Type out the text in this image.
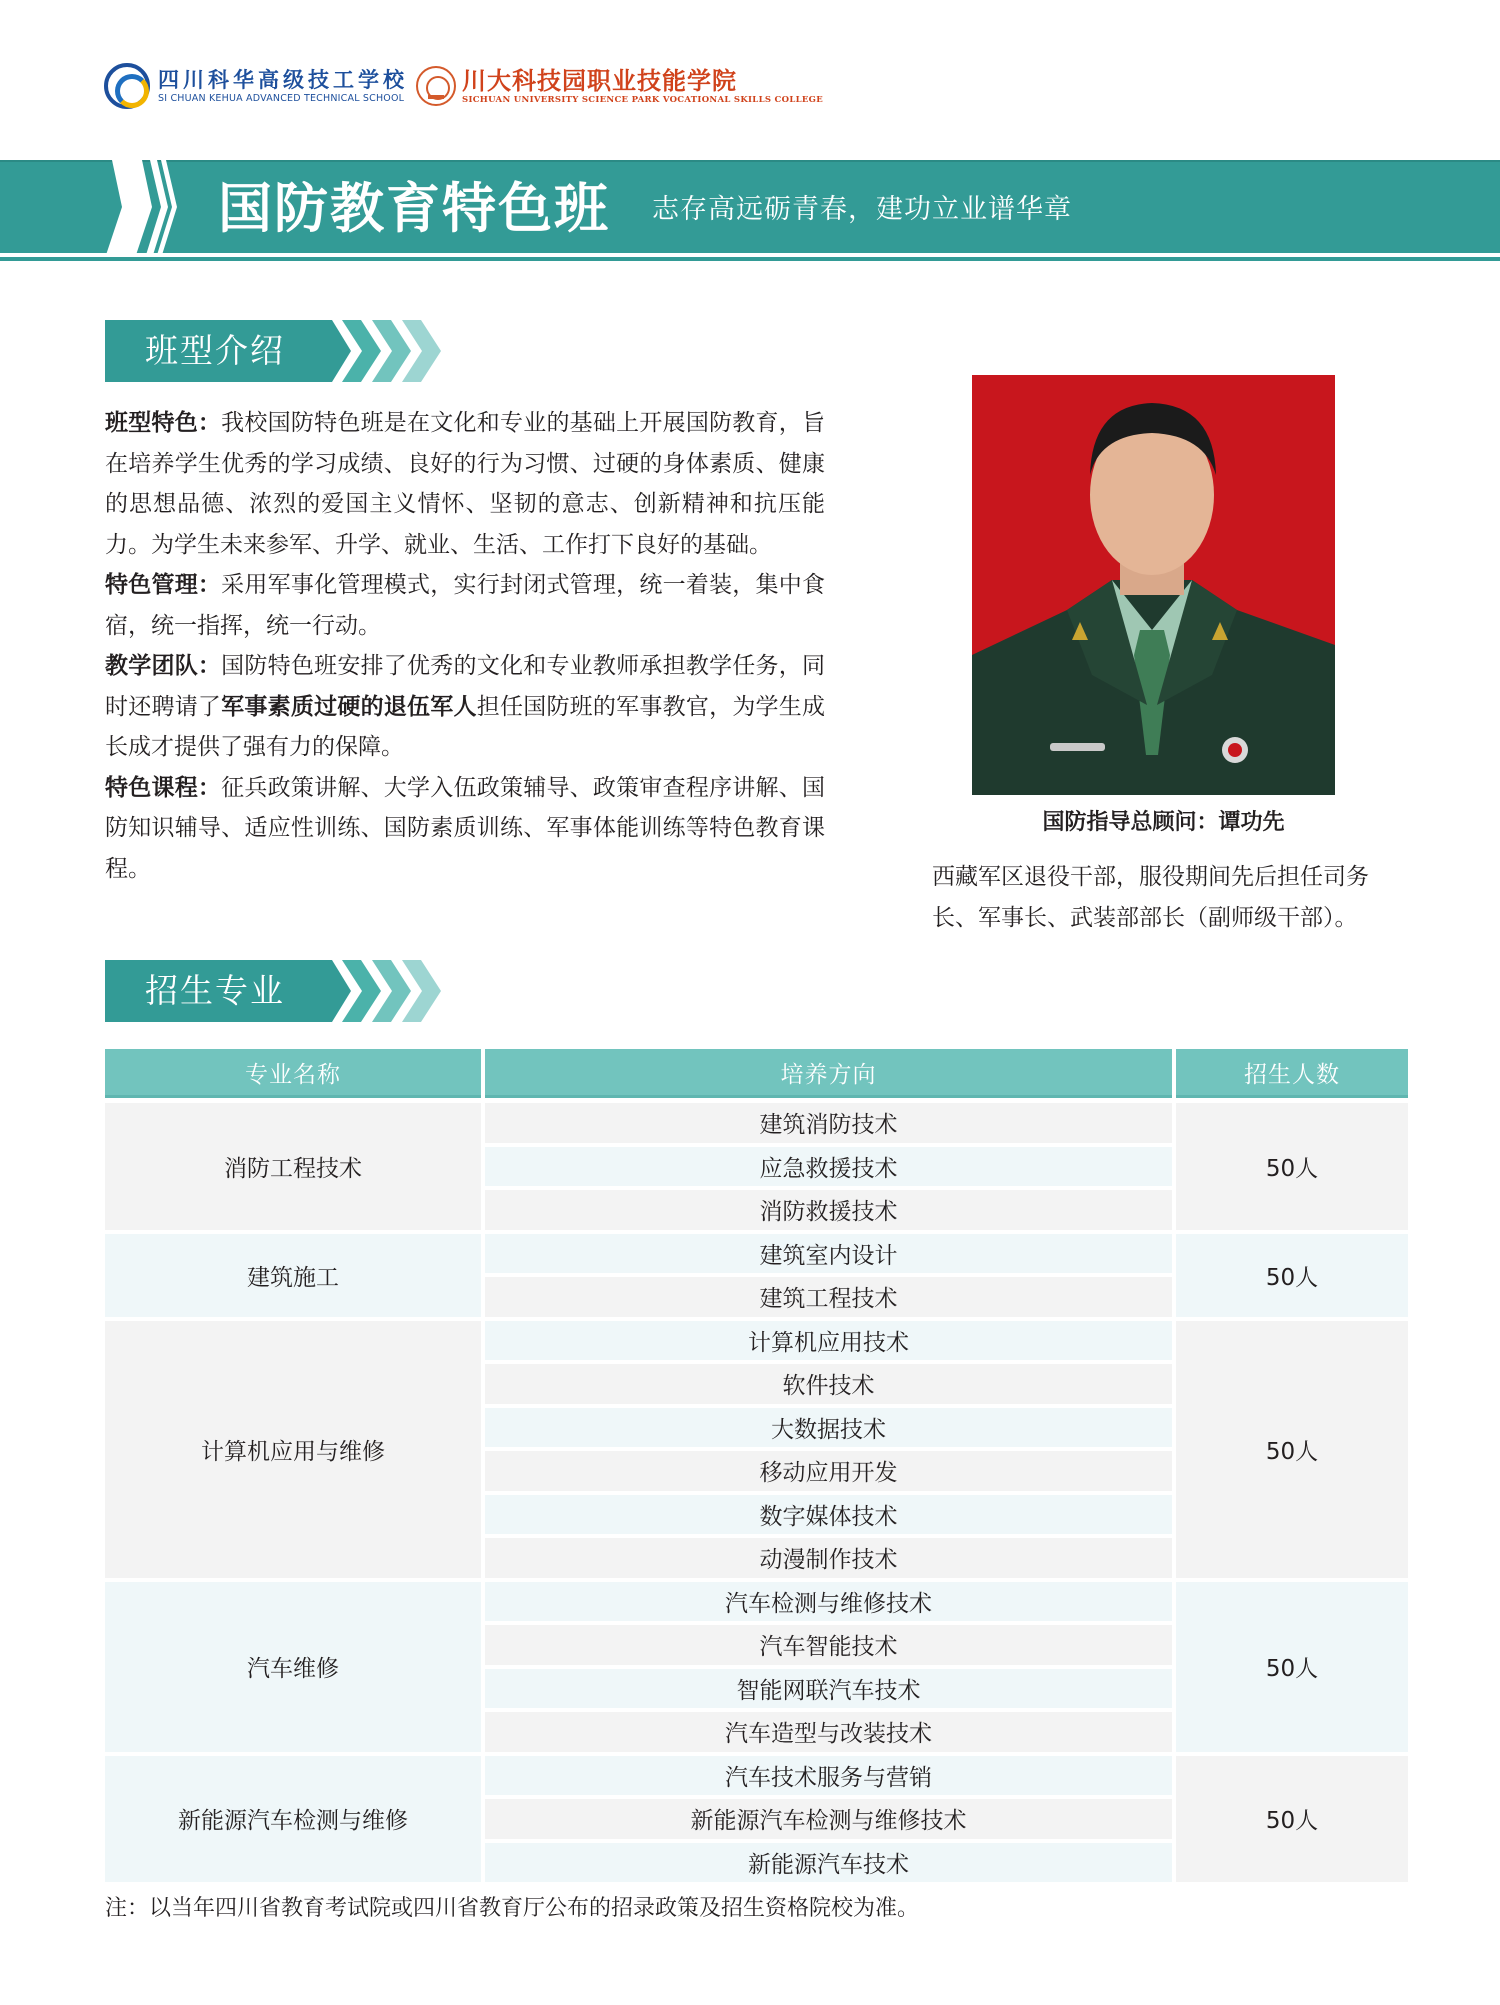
四川科华高级技工学校
SI CHUAN KEHUA ADVANCED TECHNICAL SCHOOL
川大科技园职业技能学院
SICHUAN UNIVERSITY SCIENCE PARK VOCATIONAL SKILLS COLLEGE
国防教育特色班 志存高远砺青春，建功立业谱华章
班型介绍

班型特色：我校国防特色班是在文化和专业的基础上开展国防教育，旨在培养学生优秀的学习成绩、良好的行为习惯、过硬的身体素质、健康的思想品德、浓烈的爱国主义情怀、坚韧的意志、创新精神和抗压能力。为学生未来参军、升学、就业、生活、工作打下良好的基础。

特色管理：采用军事化管理模式，实行封闭式管理，统一着装，集中食宿，统一指挥，统一行动。

教学团队：国防特色班安排了优秀的文化和专业教师承担教学任务，同时还聘请了军事素质过硬的退伍军人担任国防班的军事教官，为学生成长成才提供了强有力的保障。

特色课程：征兵政策讲解、大学入伍政策辅导、政策审查程序讲解、国防知识辅导、适应性训练、国防素质训练、军事体能训练等特色教育课程。

国防指导总顾问：谭功先
西藏军区退役干部，服役期间先后担任司务长、军事长、武装部部长（副师级干部）。
招生专业
专业名称	培养方向	招生人数
消防工程技术
建筑消防技术
应急救援技术
消防救援技术
50人
建筑施工
建筑室内设计
建筑工程技术
50人
计算机应用与维修
计算机应用技术
软件技术
大数据技术
移动应用开发
数字媒体技术
动漫制作技术
50人
汽车维修
汽车检测与维修技术
汽车智能技术
智能网联汽车技术
汽车造型与改装技术
50人
新能源汽车检测与维修
汽车技术服务与营销
新能源汽车检测与维修技术
新能源汽车技术
50人
注：以当年四川省教育考试院或四川省教育厅公布的招录政策及招生资格院校为准。
